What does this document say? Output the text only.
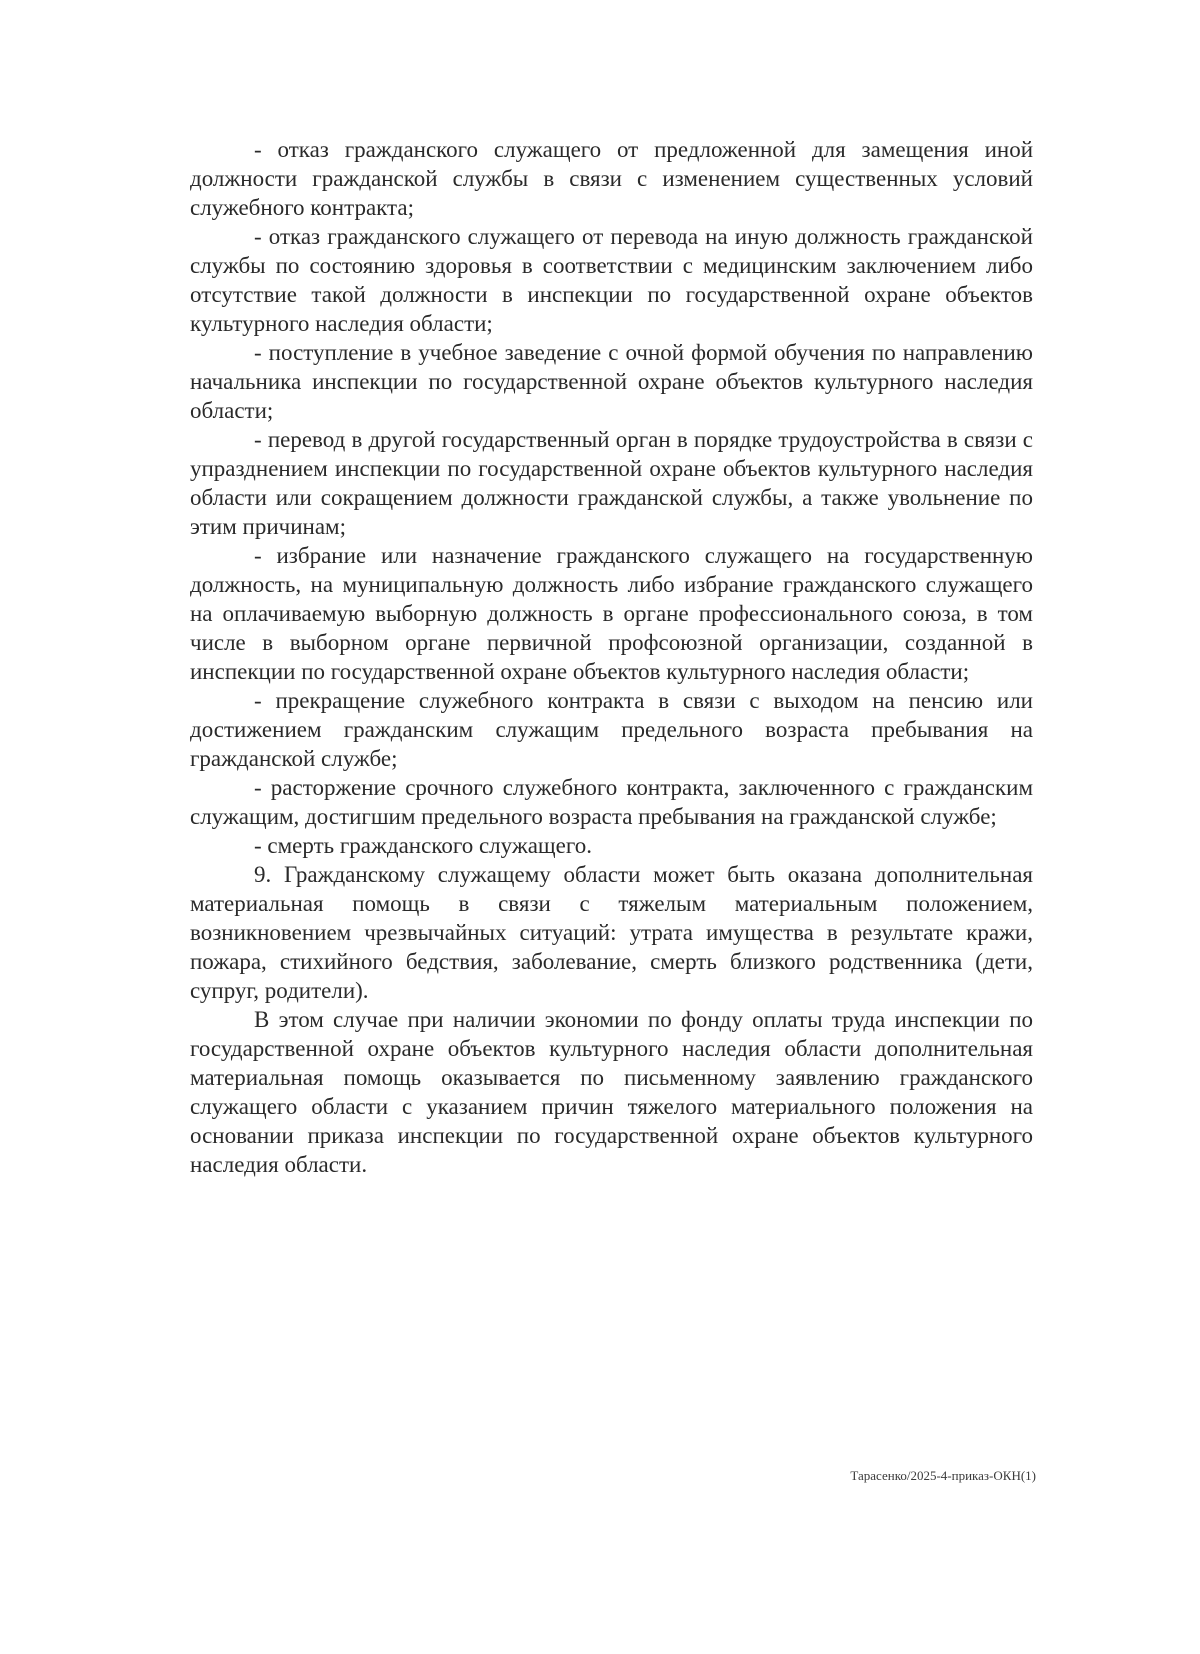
- отказ гражданского служащего от предложенной для замещения иной должности гражданской службы в связи с изменением существенных условий служебного контракта;

- отказ гражданского служащего от перевода на иную должность гражданской службы по состоянию здоровья в соответствии с медицинским заключением либо отсутствие такой должности в инспекции по государственной охране объектов культурного наследия области;

- поступление в учебное заведение с очной формой обучения по направлению начальника инспекции по государственной охране объектов культурного наследия области;

- перевод в другой государственный орган в порядке трудоустройства в связи с упразднением инспекции по государственной охране объектов культурного наследия области или сокращением должности гражданской службы, а также увольнение по этим причинам;

- избрание или назначение гражданского служащего на государственную должность, на муниципальную должность либо избрание гражданского служащего на оплачиваемую выборную должность в органе профессионального союза, в том числе в выборном органе первичной профсоюзной организации, созданной в инспекции по государственной охране объектов культурного наследия области;

- прекращение служебного контракта в связи с выходом на пенсию или достижением гражданским служащим предельного возраста пребывания на гражданской службе;

- расторжение срочного служебного контракта, заключенного с гражданским служащим, достигшим предельного возраста пребывания на гражданской службе;

- смерть гражданского служащего.

9. Гражданскому служащему области может быть оказана дополнительная материальная помощь в связи с тяжелым материальным положением, возникновением чрезвычайных ситуаций: утрата имущества в результате кражи, пожара, стихийного бедствия, заболевание, смерть близкого родственника (дети, супруг, родители).

В этом случае при наличии экономии по фонду оплаты труда инспекции по государственной охране объектов культурного наследия области дополнительная материальная помощь оказывается по письменному заявлению гражданского служащего области с указанием причин тяжелого материального положения на основании приказа инспекции по государственной охране объектов культурного наследия области.

Тарасенко/2025-4-приказ-ОКН(1)
